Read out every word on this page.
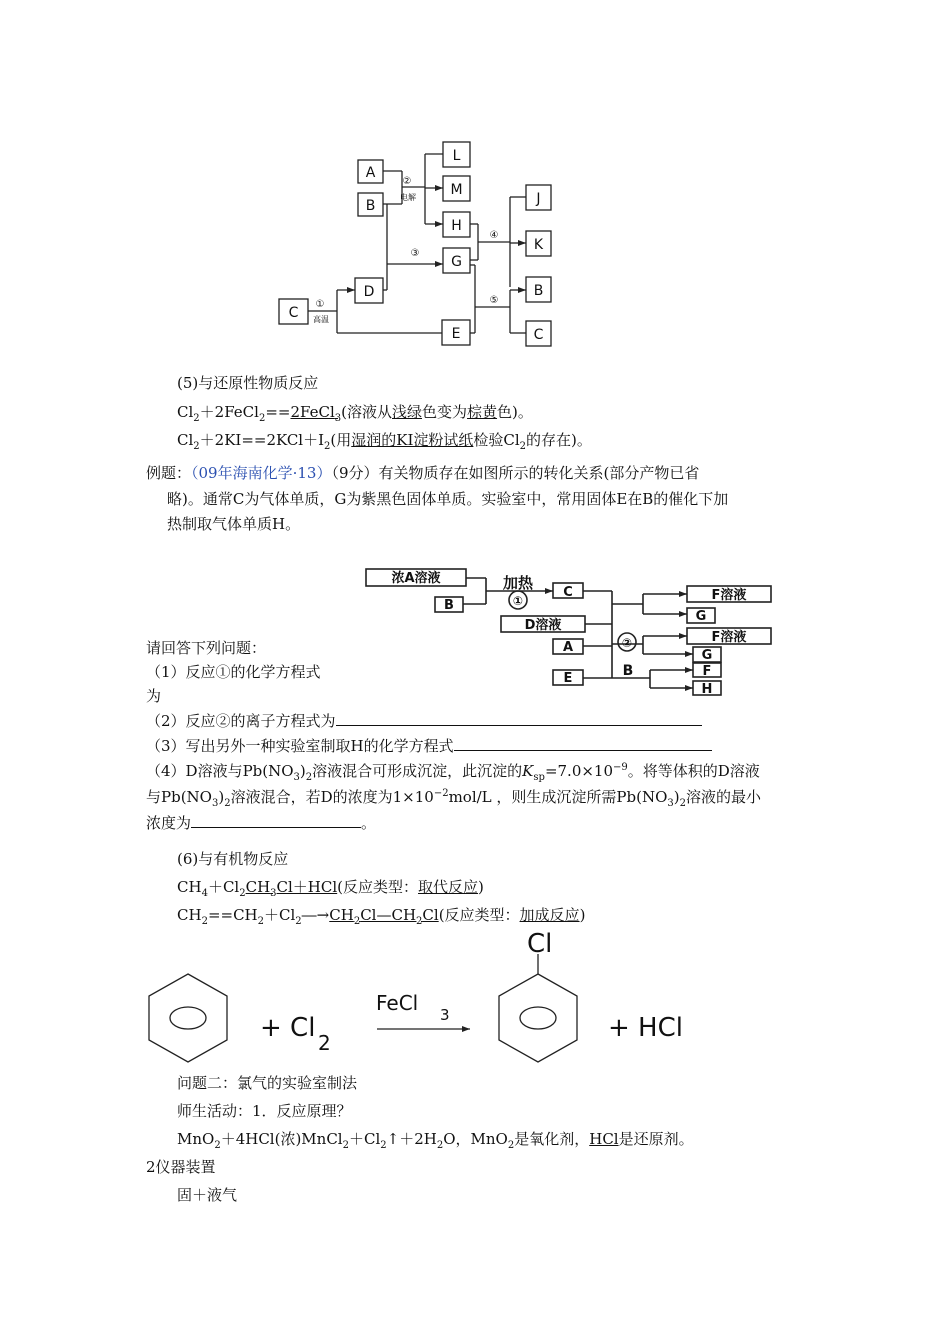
A
B
L
M
H
G
D
C
E
J
K
B
C
①
高温
②
电解
③
④
⑤
(5)与还原性物质反应
$Cl_2+2FeCl_2==2FeCl_3$(溶液从浅绿色变为棕黄色)。
$Cl_2+2KI==2KCl+I_2$(用湿润的KI淀粉试纸检验$Cl_2$的存在)。
例题：（09年海南化学·13）（9分）有关物质存在如图所示的转化关系(部分产物已省
略)。通常C为气体单质，G为紫黑色固体单质。实验室中，常用固体E在B的催化下加
热制取气体单质H。
浓A溶液
B
C
D溶液
A
E
F溶液
G
F溶液
G
F
H
加热
①
②
B
请回答下列问题：
（1）反应①的化学方程式
为
（2）反应②的离子方程式为
（3）写出另外一种实验室制取H的化学方程式
（4）D溶液与$Pb(NO_3)_2$溶液混合可形成沉淀，此沉淀的$K_{sp}=7.0\times 10^{-9}$。将等体积的D溶液
与$Pb(NO_3)_2$溶液混合，若D的浓度为$1\times 10^{-2}mol/L$ ，则生成沉淀所需$Pb(NO_3)_2$溶液的最小
浓度为	。
(6)与有机物反应
$CH_4+Cl_2CH_3Cl+HCl$(反应类型：取代反应)
$CH_2==CH_2+Cl_2―\to CH_2Cl—CH_2Cl$(反应类型：加成反应)
Cl
+ Cl 2
FeCl 3	+ HCl
问题二：氯气的实验室制法
师生活动：1．反应原理？
MnO$_2$＋4HCl(浓)$MnCl_2+Cl_2↑+2H_2O$，MnO$_2$是氧化剂，HCl是还原剂。
2仪器装置
固＋液气
